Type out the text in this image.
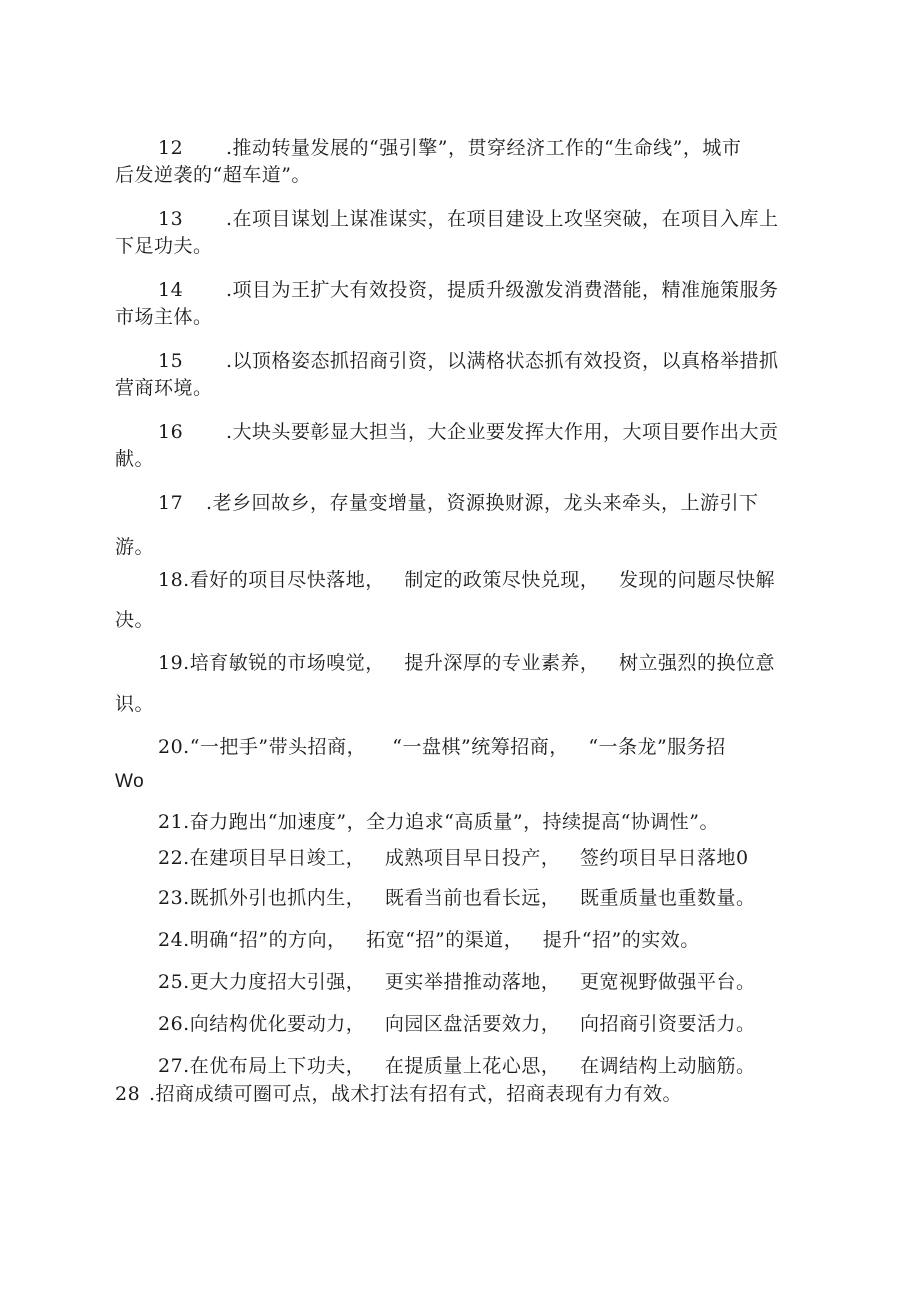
12 .推动转量发展的“强引擎”，贯穿经济工作的“生命线”，城市
后发逆袭的“超车道”。
13 .在项目谋划上谋准谋实，在项目建设上攻坚突破，在项目入库上
下足功夫。
14 .项目为王扩大有效投资，提质升级激发消费潜能，精准施策服务
市场主体。
15 .以顶格姿态抓招商引资，以满格状态抓有效投资，以真格举措抓
营商环境。
16 .大块头要彰显大担当，大企业要发挥大作用，大项目要作出大贡
献。
17 .老乡回故乡，存量变增量，资源换财源，龙头来牵头，上游引下
游。
18.看好的项目尽快落地，   制定的政策尽快兑现，   发现的问题尽快解
决。
19.培育敏锐的市场嗅觉，   提升深厚的专业素养，   树立强烈的换位意
识。
20.“一把手”带头招商，    “一盘棋”统筹招商，   “一条龙”服务招
Wo
21.奋力跑出“加速度”，全力追求“高质量”，持续提高“协调性”。
22.在建项目早日竣工，   成熟项目早日投产，   签约项目早日落地0
23.既抓外引也抓内生，   既看当前也看长远，   既重质量也重数量。
24.明确“招”的方向，   拓宽“招”的渠道，   提升“招”的实效。
25.更大力度招大引强，   更实举措推动落地，   更宽视野做强平台。
26.向结构优化要动力，   向园区盘活要效力，   向招商引资要活力。
27.在优布局上下功夫，   在提质量上花心思，   在调结构上动脑筋。
28 .招商成绩可圈可点，战术打法有招有式，招商表现有力有效。
